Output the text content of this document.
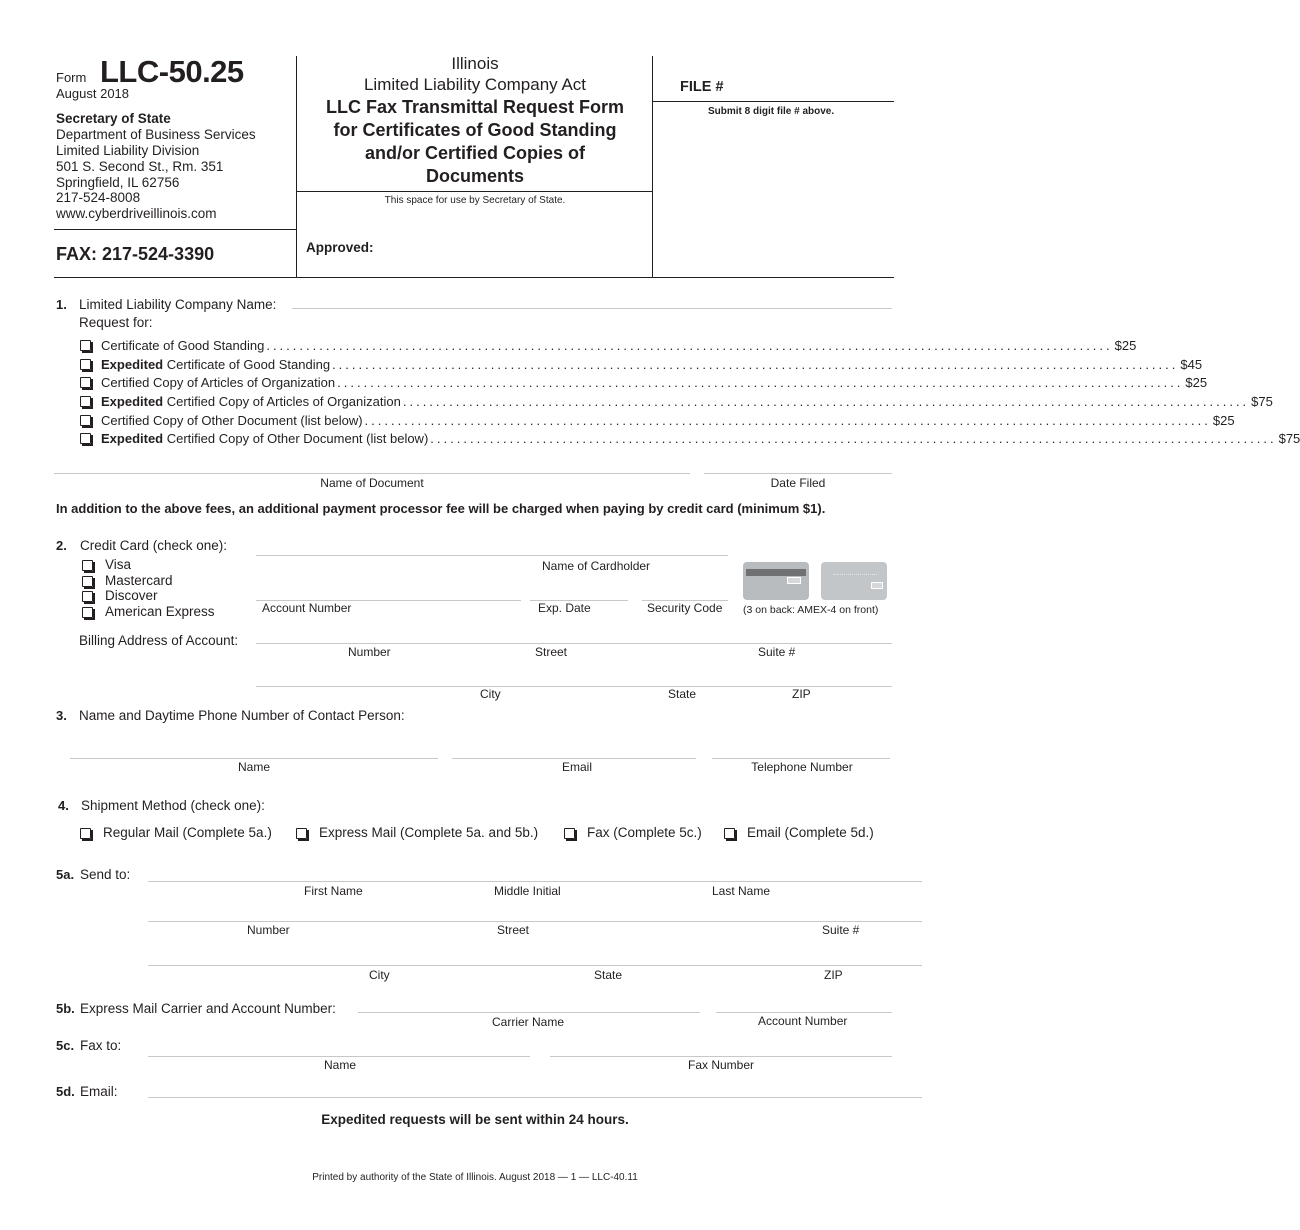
Form LLC-50.25
August 2018
Secretary of State
Department of Business Services
Limited Liability Division
501 S. Second St., Rm. 351
Springfield, IL 62756
217-524-8008
www.cyberdriveillinois.com
FAX: 217-524-3390
Illinois
Limited Liability Company Act
LLC Fax Transmittal Request Form
for Certificates of Good Standing
and/or Certified Copies of
Documents
This space for use by Secretary of State.
Approved:
FILE #
Submit 8 digit file # above.
1. Limited Liability Company Name:
Request for:
Certificate of Good Standing ................................................................................................................................ $25
Expedited Certificate of Good Standing ................................................................................................................................ $45
Certified Copy of Articles of Organization ................................................................................................................................ $25
Expedited Certified Copy of Articles of Organization ................................................................................................................................ $75
Certified Copy of Other Document (list below) ................................................................................................................................ $25
Expedited Certified Copy of Other Document (list below) ................................................................................................................................ $75
Name of Document	Date Filed
In addition to the above fees, an additional payment processor fee will be charged when paying by credit card (minimum $1).
2. Credit Card (check one):
Visa
Mastercard
Discover
American Express
Name of Cardholder
Account Number	Exp. Date	Security Code (3 on back: AMEX-4 on front)
Billing Address of Account:
Number	Street	Suite #
City	State	ZIP
3. Name and Daytime Phone Number of Contact Person:
Name	Email	Telephone Number
4. Shipment Method (check one):
Regular Mail (Complete 5a.)	Express Mail (Complete 5a. and 5b.)	Fax (Complete 5c.)	Email (Complete 5d.)
5a. Send to:
First Name	Middle Initial	Last Name
Number	Street	Suite #
City	State	ZIP
5b. Express Mail Carrier and Account Number:
Carrier Name	Account Number
5c. Fax to:
Name	Fax Number
5d. Email:
Expedited requests will be sent within 24 hours.
Printed by authority of the State of Illinois. August 2018 — 1 — LLC-40.11
